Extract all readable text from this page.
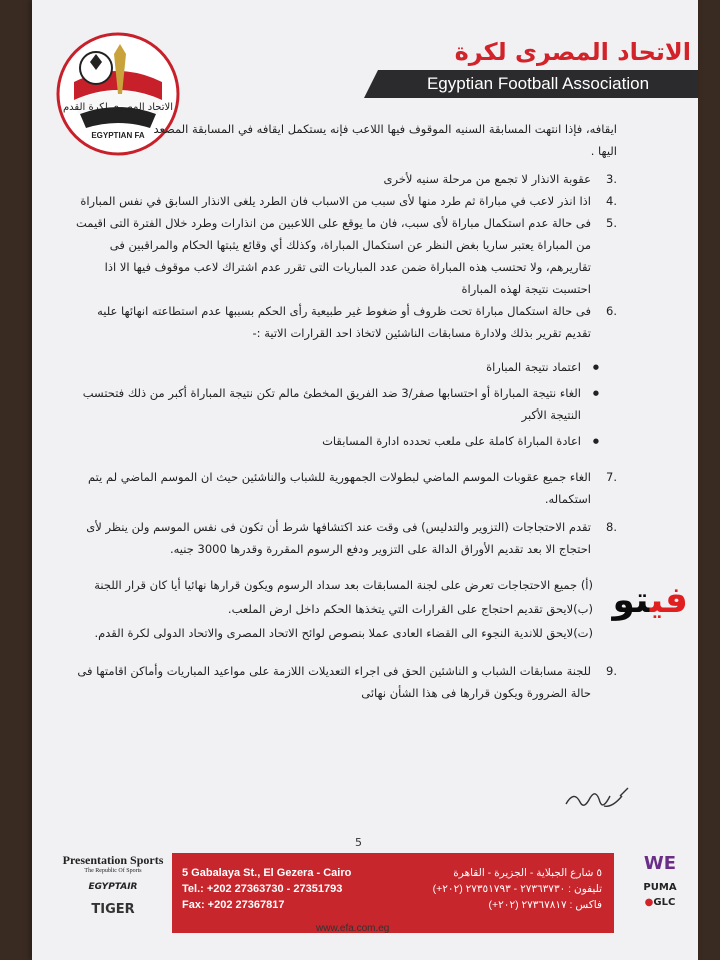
الاتحاد المصرى لكرة القدم
EGYPTIAN FA
الاتحاد المصرى لكرة
Egyptian Football Association

ايقافه، فإذا انتهت المسابقة السنيه الموقوف فيها اللاعب فإنه يستكمل ايقافه في المسابقة المصعد

اليها .

.3
عقوبة الانذار لا تجمع من مرحلة سنيه لأخرى
.4
اذا انذر لاعب في مباراة ثم طرد منها لأى سبب من الاسباب فان الطرد يلغى الانذار السابق في نفس المباراة
.5
فى حالة عدم استكمال مباراة لأى سبب، فان ما يوقع على اللاعبين من انذارات وطرد خلال الفترة التى اقيمت من المباراة يعتبر ساريا بغض النظر عن استكمال المباراة، وكذلك أي وقائع يثبتها الحكام والمراقبين فى تقاريرهم، ولا تحتسب هذه المباراة ضمن عدد المباريات التى تقرر عدم اشتراك لاعب موقوف فيها الا اذا احتسبت نتيجة لهذه المباراة
.6
فى حالة استكمال مباراة تحت ظروف أو ضغوط غير طبيعية رأى الحكم بسببها عدم استطاعته انهائها عليه تقديم تقرير بذلك ولادارة مسابقات الناشئين لاتخاذ احد القرارات الاتية :-
● اعتماد نتيجة المباراة
● الغاء نتيجة المباراة أو احتسابها صفر/3 ضد الفريق المخطئ مالم تكن نتيجة المباراة أكبر من ذلك فتحتسب النتيجة الأكبر
● اعادة المباراة كاملة على ملعب تحدده ادارة المسابقات
.7
الغاء جميع عقوبات الموسم الماضي لبطولات الجمهورية للشباب والناشئين حيث ان الموسم الماضي لم يتم استكماله.
.8
تقدم الاحتجاجات (التزوير والتدليس) فى وقت عند اكتشافها شرط أن تكون فى نفس الموسم ولن ينظر لأى احتجاج الا بعد تقديم الأوراق الدالة على التزوير ودفع الرسوم المقررة وقدرها 3000 جنيه.

(أ) جميع الاحتجاجات تعرض على لجنة المسابقات بعد سداد الرسوم ويكون قرارها نهائيا أيا كان قرار اللجنة

(ب)لايحق تقديم احتجاج على القرارات التي يتخذها الحكم داخل ارض الملعب.

(ت)لايحق للاندية النجوء الى القضاء العادى عملا بنصوص لوائح الاتحاد المصرى والاتحاد الدولى لكرة القدم.

.9
للجنة مسابقات الشباب و الناشئين الحق فى اجراء التعديلات اللازمة على مواعيد المباريات وأماكن اقامتها فى حالة الضرورة ويكون قرارها فى هذا الشأن نهائى
فيتو
5
Presentation Sports
The Republic Of Sports
EGYPTAIR
TIGER
5 Gabalaya St., El Gezera - Cairo
Tel.: +202 27363730 - 27351793
Fax: +202 27367817
٥ شارع الجبلاية - الجزيرة - القاهرة
تليفون : ٢٧٣٦٣٧٣٠ - ٢٧٣٥١٧٩٣ (٢٠٢+)
فاكس : ٢٧٣٦٧٨١٧ (٢٠٢+)
www.efa.com.eg
WE
PUMA
●GLC
